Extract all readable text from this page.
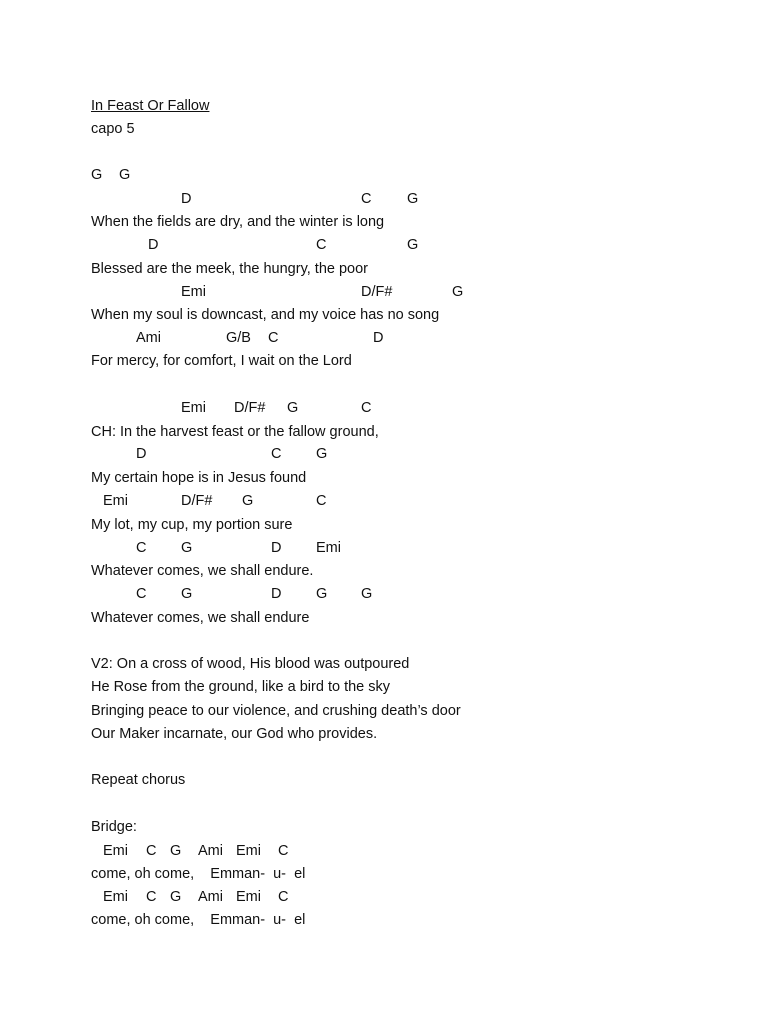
In Feast Or Fallow
capo 5
G G
D	C G
When the fields are dry, and the winter is long
D	C	G
Blessed are the meek, the hungry, the poor
Emi	D/F#	G
When my soul is downcast, and my voice has no song
Ami	G/B C	D
For mercy, for comfort, I wait on the Lord
Emi D/F# G	C
CH: In the harvest feast or the fallow ground,
D	C G
My certain hope is in Jesus found
Emi	D/F# G	C
My lot, my cup, my portion sure
C G	D Emi
Whatever comes, we shall endure.
C G	D G G
Whatever comes, we shall endure
V2: On a cross of wood, His blood was outpoured
He Rose from the ground, like a bird to the sky
Bringing peace to our violence, and crushing death’s door
Our Maker incarnate, our God who provides.
Repeat chorus
Bridge:
Emi C G Ami Emi C
come, oh come,    Emman-  u-  el
Emi C G Ami Emi C
come, oh come,    Emman-  u-  el
